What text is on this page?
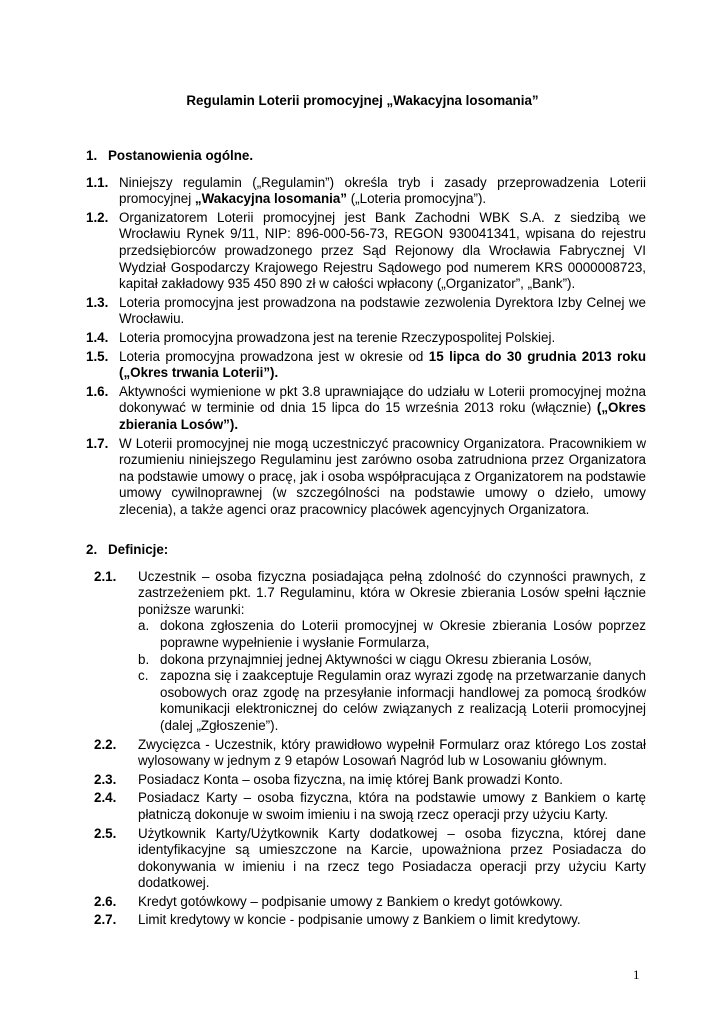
Regulamin Loterii promocyjnej „Wakacyjna losomania”
1. Postanowienia ogólne.
1.1. Niniejszy regulamin („Regulamin”) określa tryb i zasady przeprowadzenia Loterii promocyjnej „Wakacyjna losomania” („Loteria promocyjna”).
1.2. Organizatorem Loterii promocyjnej jest Bank Zachodni WBK S.A. z siedzibą we Wrocławiu Rynek 9/11, NIP: 896-000-56-73, REGON 930041341, wpisana do rejestru przedsiębiorców prowadzonego przez Sąd Rejonowy dla Wrocławia Fabrycznej VI Wydział Gospodarczy Krajowego Rejestru Sądowego pod numerem KRS 0000008723, kapitał zakładowy 935 450 890 zł w całości wpłacony („Organizator”, „Bank”).
1.3. Loteria promocyjna jest prowadzona na podstawie zezwolenia Dyrektora Izby Celnej we Wrocławiu.
1.4. Loteria promocyjna prowadzona jest na terenie Rzeczypospolitej Polskiej.
1.5. Loteria promocyjna prowadzona jest w okresie od 15 lipca do 30 grudnia 2013 roku („Okres trwania Loterii”).
1.6. Aktywności wymienione w pkt 3.8 uprawniające do udziału w Loterii promocyjnej można dokonywać w terminie od dnia 15 lipca do 15 września 2013 roku (włącznie) („Okres zbierania Losów”).
1.7. W Loterii promocyjnej nie mogą uczestniczyć pracownicy Organizatora. Pracownikiem w rozumieniu niniejszego Regulaminu jest zarówno osoba zatrudniona przez Organizatora na podstawie umowy o pracę, jak i osoba współpracująca z Organizatorem na podstawie umowy cywilnoprawnej (w szczególności na podstawie umowy o dzieło, umowy zlecenia), a także agenci oraz pracownicy placówek agencyjnych Organizatora.
2. Definicje:
2.1.	Uczestnik – osoba fizyczna posiadająca pełną zdolność do czynności prawnych, z zastrzeżeniem pkt. 1.7 Regulaminu, która w Okresie zbierania Losów spełni łącznie poniższe warunki:
a. dokona zgłoszenia do Loterii promocyjnej w Okresie zbierania Losów poprzez poprawne wypełnienie i wysłanie Formularza,
b. dokona przynajmniej jednej Aktywności w ciągu Okresu zbierania Losów,
c. zapozna się i zaakceptuje Regulamin oraz wyrazi zgodę na przetwarzanie danych osobowych oraz zgodę na przesyłanie informacji handlowej za pomocą środków komunikacji elektronicznej do celów związanych z realizacją Loterii promocyjnej (dalej „Zgłoszenie”).
2.2.	Zwycięzca - Uczestnik, który prawidłowo wypełnił Formularz oraz którego Los został wylosowany w jednym z 9 etapów Losowań Nagród lub w Losowaniu głównym.
2.3.	Posiadacz Konta – osoba fizyczna, na imię której Bank prowadzi Konto.
2.4.	Posiadacz Karty – osoba fizyczna, która na podstawie umowy z Bankiem o kartę płatniczą dokonuje w swoim imieniu i na swoją rzecz operacji przy użyciu Karty.
2.5.	Użytkownik Karty/Użytkownik Karty dodatkowej – osoba fizyczna, której dane identyfikacyjne są umieszczone na Karcie, upoważniona przez Posiadacza do dokonywania w imieniu i na rzecz tego Posiadacza operacji przy użyciu Karty dodatkowej.
2.6.	Kredyt gotówkowy – podpisanie umowy z Bankiem o kredyt gotówkowy.
2.7.	Limit kredytowy w koncie - podpisanie umowy z Bankiem o limit kredytowy.
1
